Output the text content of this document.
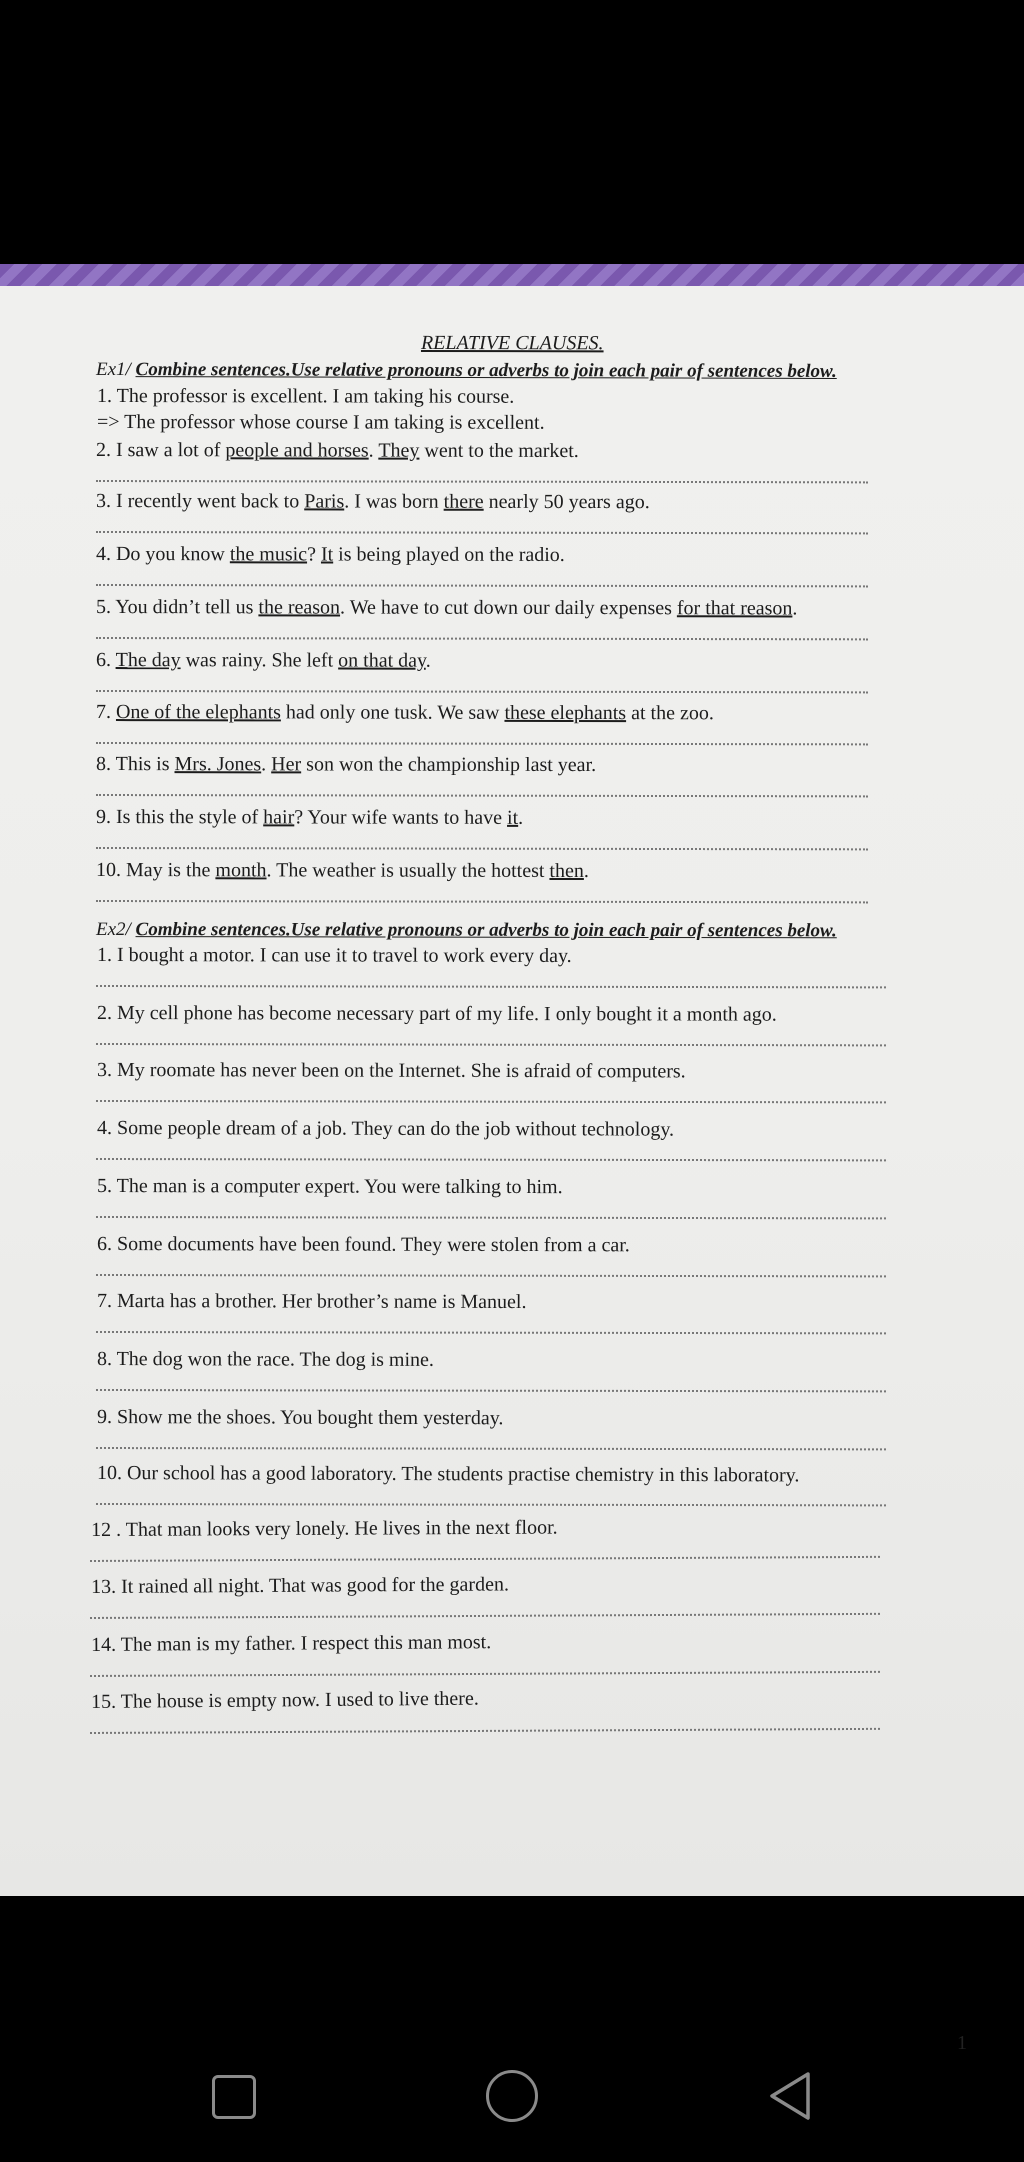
RELATIVE CLAUSES.
Ex1/ Combine sentences.Use relative pronouns or adverbs to join each pair of sentences below.
1. The professor is excellent. I am taking his course.
=> The professor whose course I am taking is excellent.
2. I saw a lot of people and horses. They went to the market.
3. I recently went back to Paris. I was born there nearly 50 years ago.
4. Do you know the music? It is being played on the radio.
5. You didn’t tell us the reason. We have to cut down our daily expenses for that reason.
6. The day was rainy. She left on that day.
7. One of the elephants had only one tusk. We saw these elephants at the zoo.
8. This is Mrs. Jones. Her son won the championship last year.
9. Is this the style of hair? Your wife wants to have it.
10. May is the month. The weather is usually the hottest then.
Ex2/ Combine sentences.Use relative pronouns or adverbs to join each pair of sentences below.
1. I bought a motor. I can use it to travel to work every day.
2. My cell phone has become necessary part of my life. I only bought it a month ago.
3. My roomate has never been on the Internet. She is afraid of computers.
4. Some people dream of a job. They can do the job without technology.
5. The man is a computer expert. You were talking to him.
6. Some documents have been found. They were stolen from a car.
7. Marta has a brother. Her brother’s name is Manuel.
8. The dog won the race. The dog is mine.
9. Show me the shoes. You bought them yesterday.
10. Our school has a good laboratory. The students practise chemistry in this laboratory.
12 . That man looks very lonely. He lives in the next floor.
13. It rained all night. That was good for the garden.
14. The man is my father. I respect this man most.
15. The house is empty now. I used to live there.
1
